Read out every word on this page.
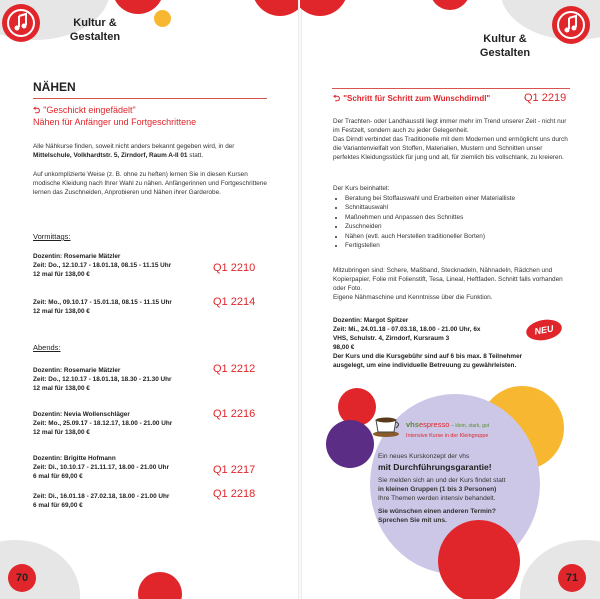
Kultur &
Gestalten
NÄHEN
⮌ "Geschickt eingefädelt"
Nähen für Anfänger und Fortgeschrittene
Alle Nähkurse finden, soweit nicht anders bekannt gegeben wird, in der
Mittelschule, Volkhardtstr. 5, Zirndorf, Raum A-II 01 statt.
Auf unkomplizierte Weise (z. B. ohne zu heften) lernen Sie in diesen Kursen modische Kleidung nach Ihrer Wahl zu nähen. Anfängerinnen und Fortgeschrittene lernen das Zuschneiden, Anprobieren und Nähen ihrer Garderobe.
Vormittags:
Dozentin: Rosemarie Mätzler
Zeit: Do., 12.10.17 - 18.01.18, 08.15 - 11.15 Uhr
12 mal für 138,00 €
Q1 2210
Zeit: Mo., 09.10.17 - 15.01.18, 08.15 - 11.15 Uhr
12 mal für 138,00 €
Q1 2214
Abends:
Dozentin: Rosemarie Mätzler
Zeit: Do., 12.10.17 - 18.01.18, 18.30 - 21.30 Uhr
12 mal für 138,00 €
Q1 2212
Dozentin: Nevia Wollenschläger
Zeit: Mo., 25.09.17 - 18.12.17, 18.00 - 21.00 Uhr
12 mal für 138,00 €
Q1 2216
Dozentin: Brigitte Hofmann
Zeit: Di., 10.10.17 - 21.11.17, 18.00 - 21.00 Uhr
6 mal für 69,00 €
Q1 2217
Zeit: Di., 16.01.18 - 27.02.18, 18.00 - 21.00 Uhr
6 mal für 69,00 €
Q1 2218
70
Kultur &
Gestalten
⮌ "Schritt für Schritt zum Wunschdirndl"	Q1 2219
Der Trachten- oder Landhausstil liegt immer mehr im Trend unserer Zeit - nicht nur im Festzelt, sondern auch zu jeder Gelegenheit.
Das Dirndl verbindet das Traditionelle mit dem Modernen und ermöglicht uns durch die Variantenvielfalt von Stoffen, Materialien, Mustern und Schnitten unser perfektes Kleidungsstück für jung und alt, für ziemlich bis vollschlank, zu kreieren.
Der Kurs beinhaltet:
• Beratung bei Stoffauswahl und Erarbeiten einer Materialliste
• Schnittauswahl
• Maßnehmen und Anpassen des Schnittes
• Zuschneiden
• Nähen (evtl. auch Herstellen traditioneller Borten)
• Fertigstellen
Mitzubringen sind: Schere, Maßband, Stecknadeln, Nähnadeln, Rädchen und Kopierpapier, Folie mit Folienstift, Tesa, Lineal, Heftfaden. Schnitt falls vorhanden oder Foto.
Eigene Nähmaschine und Kenntnisse über die Funktion.
Dozentin: Margot Spitzer
Zeit: Mi., 24.01.18 - 07.03.18, 18.00 - 21.00 Uhr, 6x
VHS, Schulstr. 4, Zirndorf, Kursraum 3
98,00 €
Der Kurs und die Kursgebühr sind auf 6 bis max. 8 Teilnehmer ausgelegt, um eine individuelle Betreuung zu gewährleisten.
NEU
vhsespresso – klein, stark, gut
Intensive Kurse in der Kleingruppe
Ein neues Kurskonzept der vhs
mit Durchführungsgarantie!
Sie melden sich an und der Kurs findet statt
in kleinen Gruppen (1 bis 3 Personen)
Ihre Themen werden intensiv behandelt.
Sie wünschen einen anderen Termin?
Sprechen Sie mit uns.
71
